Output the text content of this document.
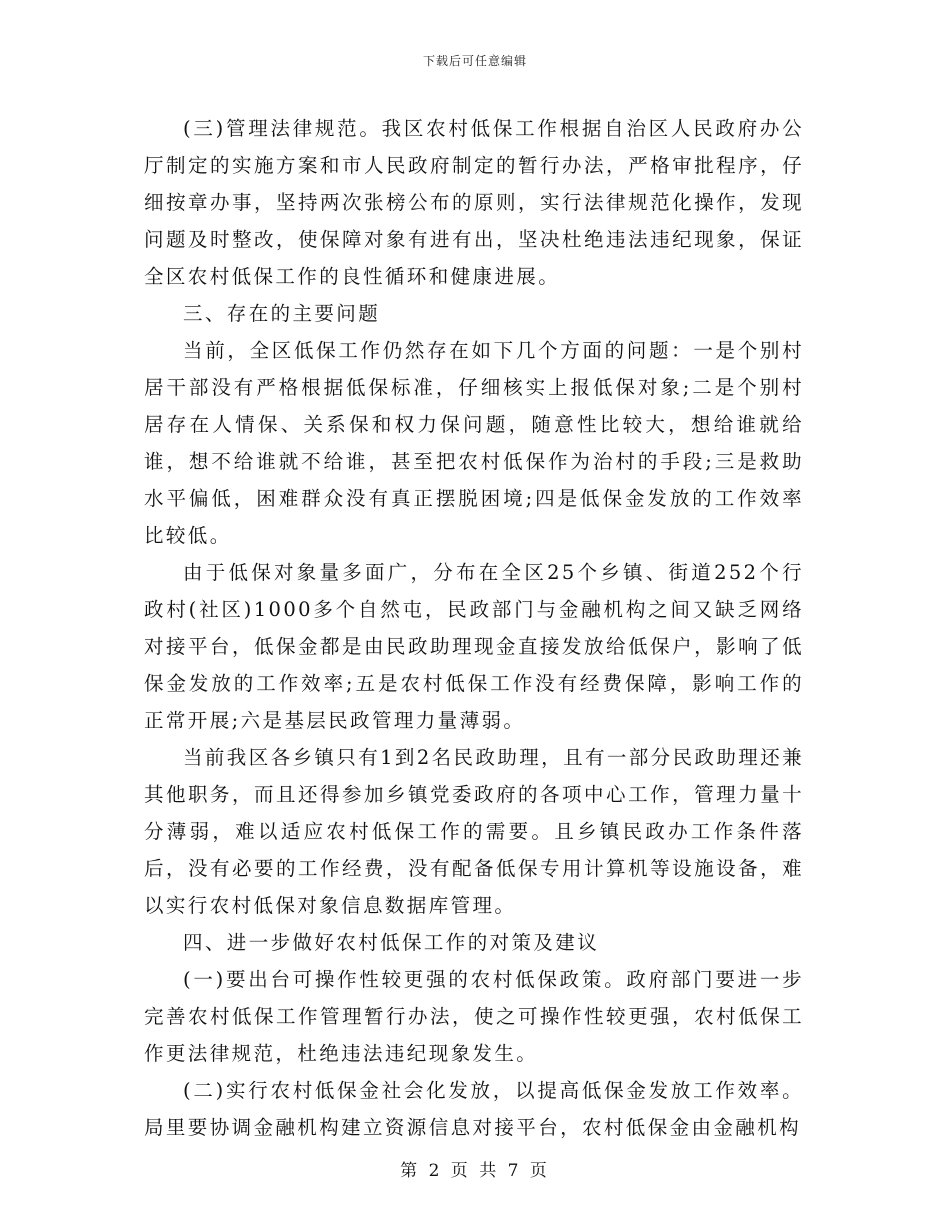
下载后可任意编辑

(三)管理法律规范。我区农村低保工作根据自治区人民政府办公厅制定的实施方案和市人民政府制定的暂行办法，严格审批程序，仔细按章办事，坚持两次张榜公布的原则，实行法律规范化操作，发现问题及时整改，使保障对象有进有出，坚决杜绝违法违纪现象，保证全区农村低保工作的良性循环和健康进展。

三、存在的主要问题

当前，全区低保工作仍然存在如下几个方面的问题：一是个别村居干部没有严格根据低保标准，仔细核实上报低保对象;二是个别村居存在人情保、关系保和权力保问题，随意性比较大，想给谁就给谁，想不给谁就不给谁，甚至把农村低保作为治村的手段;三是救助水平偏低，困难群众没有真正摆脱困境;四是低保金发放的工作效率比较低。

由于低保对象量多面广，分布在全区25个乡镇、街道252个行政村(社区)1000多个自然屯，民政部门与金融机构之间又缺乏网络对接平台，低保金都是由民政助理现金直接发放给低保户，影响了低保金发放的工作效率;五是农村低保工作没有经费保障，影响工作的正常开展;六是基层民政管理力量薄弱。

当前我区各乡镇只有1到2名民政助理，且有一部分民政助理还兼其他职务，而且还得参加乡镇党委政府的各项中心工作，管理力量十分薄弱，难以适应农村低保工作的需要。且乡镇民政办工作条件落后，没有必要的工作经费，没有配备低保专用计算机等设施设备，难以实行农村低保对象信息数据库管理。

四、进一步做好农村低保工作的对策及建议

(一)要出台可操作性较更强的农村低保政策。政府部门要进一步完善农村低保工作管理暂行办法，使之可操作性较更强，农村低保工作更法律规范，杜绝违法违纪现象发生。

(二)实行农村低保金社会化发放，以提高低保金发放工作效率。局里要协调金融机构建立资源信息对接平台，农村低保金由金融机构

第 2 页 共 7 页
